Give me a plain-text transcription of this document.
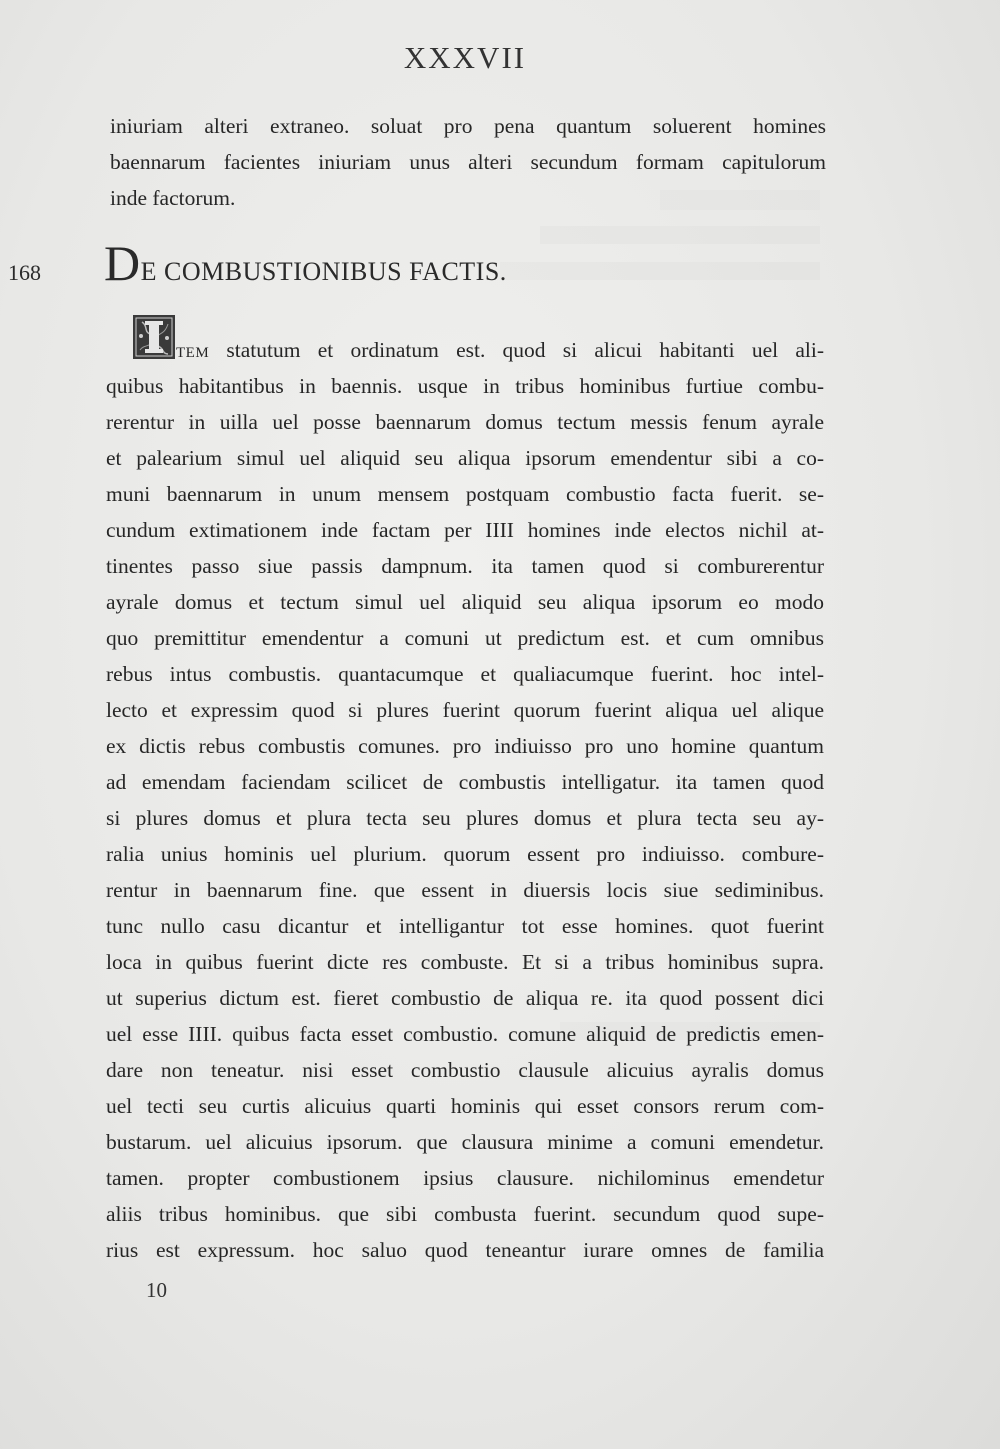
XXXVII
iniuriam alteri extraneo. soluat pro pena quantum soluerent homines
baennarum facientes iniuriam unus alteri secundum formam capitulorum
inde factorum.
168 DE COMBUSTIONIBUS FACTIS.
TEM statutum et ordinatum est. quod si alicui habitanti uel ali-
quibus habitantibus in baennis. usque in tribus hominibus furtiue combu-
rerentur in uilla uel posse baennarum domus tectum messis fenum ayrale
et palearium simul uel aliquid seu aliqua ipsorum emendentur sibi a co-
muni baennarum in unum mensem postquam combustio facta fuerit. se-
cundum extimationem inde factam per IIII homines inde electos nichil at-
tinentes passo siue passis dampnum. ita tamen quod si comburerentur
ayrale domus et tectum simul uel aliquid seu aliqua ipsorum eo modo
quo premittitur emendentur a comuni ut predictum est. et cum omnibus
rebus intus combustis. quantacumque et qualiacumque fuerint. hoc intel-
lecto et expressim quod si plures fuerint quorum fuerint aliqua uel alique
ex dictis rebus combustis comunes. pro indiuisso pro uno homine quantum
ad emendam faciendam scilicet de combustis intelligatur. ita tamen quod
si plures domus et plura tecta seu plures domus et plura tecta seu ay-
ralia unius hominis uel plurium. quorum essent pro indiuisso. combure-
rentur in baennarum fine. que essent in diuersis locis siue sediminibus.
tunc nullo casu dicantur et intelligantur tot esse homines. quot fuerint
loca in quibus fuerint dicte res combuste. Et si a tribus hominibus supra.
ut superius dictum est. fieret combustio de aliqua re. ita quod possent dici
uel esse IIII. quibus facta esset combustio. comune aliquid de predictis emen-
dare non teneatur. nisi esset combustio clausule alicuius ayralis domus
uel tecti seu curtis alicuius quarti hominis qui esset consors rerum com-
bustarum. uel alicuius ipsorum. que clausura minime a comuni emendetur.
tamen. propter combustionem ipsius clausure. nichilominus emendetur
aliis tribus hominibus. que sibi combusta fuerint. secundum quod supe-
rius est expressum. hoc saluo quod teneantur iurare omnes de familia
10
